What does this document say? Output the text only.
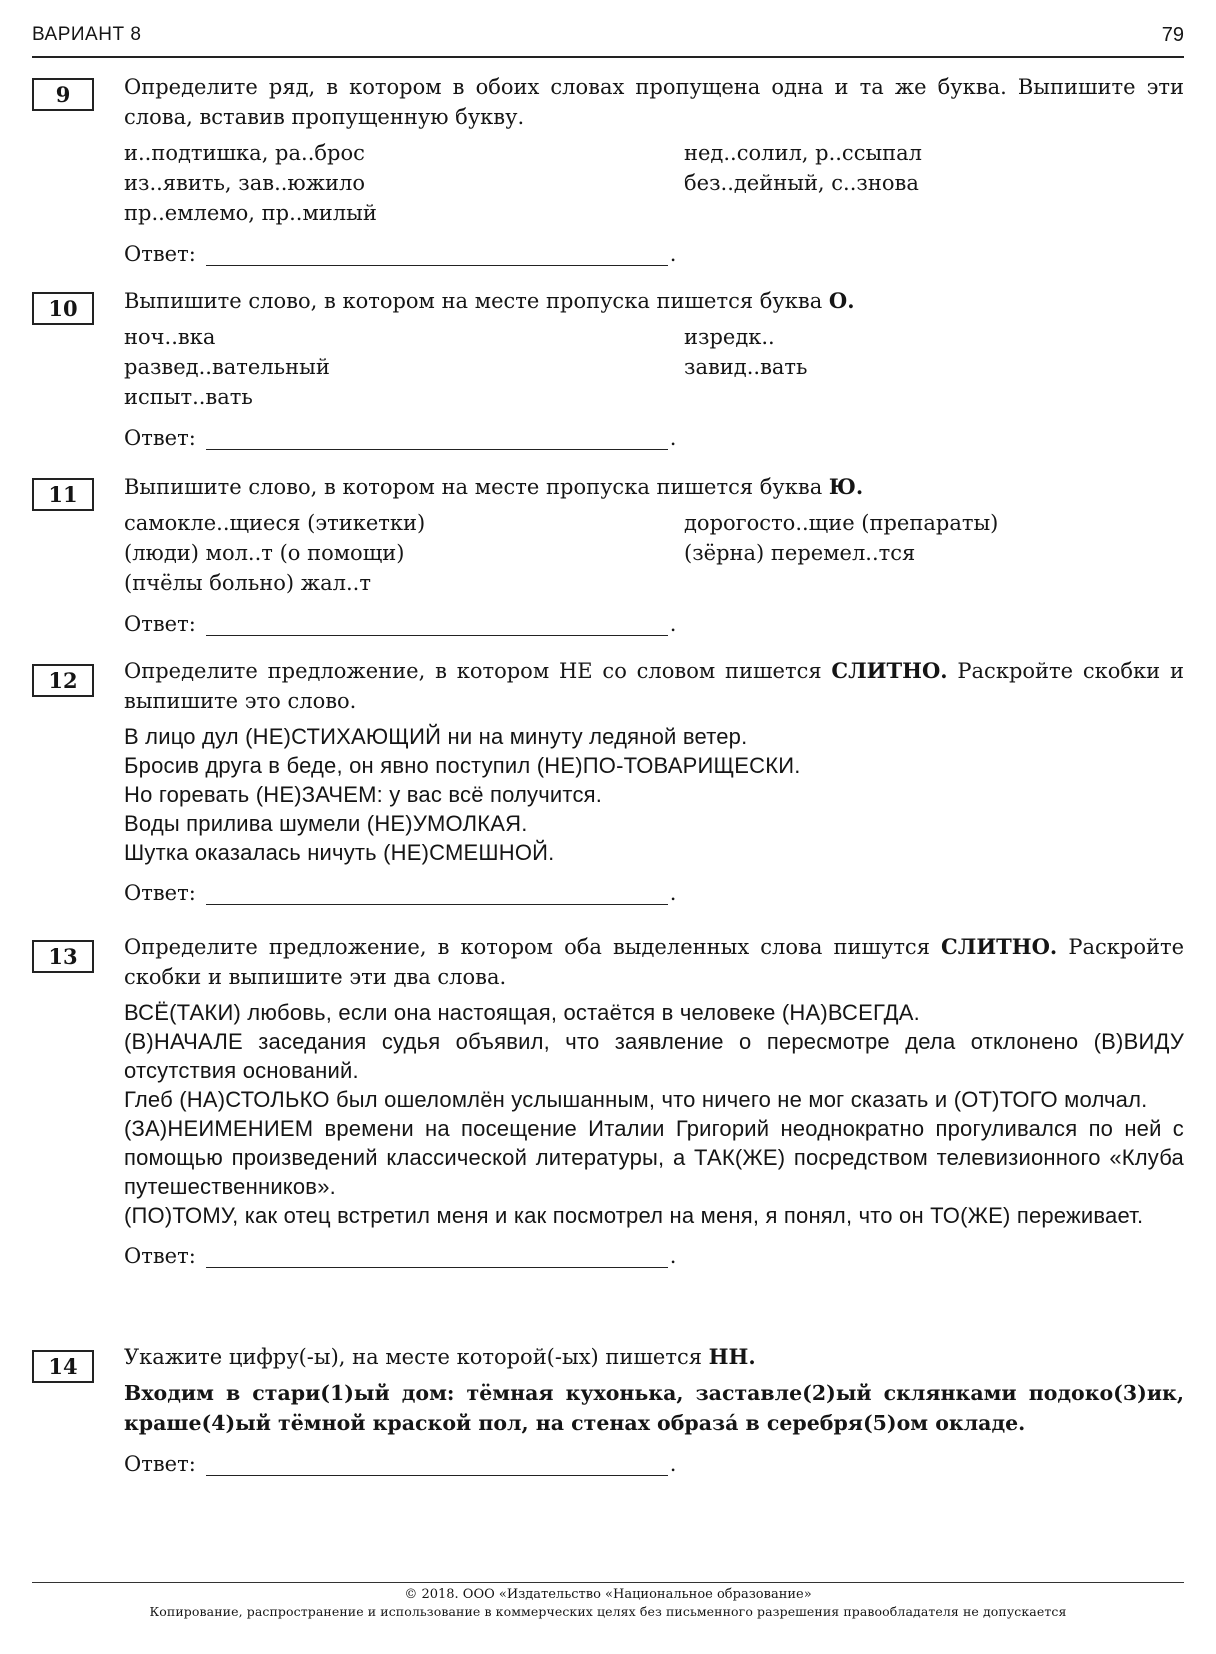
ВАРИАНТ 8	79
9	Определите ряд, в котором в обоих словах пропущена одна и та же буква. Выпишите эти слова, вставив пропущенную букву.

и..подтишка, ра..брос
из..явить, зав..южило
пр..емлемо, пр..милый
нед..солил, р..ссыпал
без..дейный, с..знова
Ответ:	.
10	Выпишите слово, в котором на месте пропуска пишется буква О.

ноч..вка
развед..вательный
испыт..вать
изредк..
завид..вать
Ответ:	.
11	Выпишите слово, в котором на месте пропуска пишется буква Ю.

самокле..щиеся (этикетки)
(люди) мол..т (о помощи)
(пчёлы больно) жал..т
дорогосто..щие (препараты)
(зёрна) перемел..тся
Ответ:	.
12	Определите предложение, в котором НЕ со словом пишется СЛИТНО. Раскройте скобки и выпишите это слово.

В лицо дул (НЕ)СТИХАЮЩИЙ ни на минуту ледяной ветер.
Бросив друга в беде, он явно поступил (НЕ)ПО-ТОВАРИЩЕСКИ.
Но горевать (НЕ)ЗАЧЕМ: у вас всё получится.
Воды прилива шумели (НЕ)УМОЛКАЯ.
Шутка оказалась ничуть (НЕ)СМЕШНОЙ.
Ответ:	.
13	Определите предложение, в котором оба выделенных слова пишутся СЛИТНО. Раскройте скобки и выпишите эти два слова.

ВСЁ(ТАКИ) любовь, если она настоящая, остаётся в человеке (НА)ВСЕГДА.
(В)НАЧАЛЕ заседания судья объявил, что заявление о пересмотре дела отклонено (В)ВИДУ отсутствия оснований.
Глеб (НА)СТОЛЬКО был ошеломлён услышанным, что ничего не мог сказать и (ОТ)ТОГО молчал.
(ЗА)НЕИМЕНИЕМ времени на посещение Италии Григорий неоднократно прогуливался по ней с помощью произведений классической литературы, а ТАК(ЖЕ) посредством телевизионного «Клуба путешественников».
(ПО)ТОМУ, как отец встретил меня и как посмотрел на меня, я понял, что он ТО(ЖЕ) переживает.
Ответ:	.
14	Укажите цифру(-ы), на месте которой(-ых) пишется НН.

Входим в стари(1)ый дом: тёмная кухонька, заставле(2)ый склянками подоко(3)ик, краше(4)ый тёмной краской пол, на стенах образа́ в серебря(5)ом окладе.
Ответ:	.
© 2018. ООО «Издательство «Национальное образование»
Копирование, распространение и использование в коммерческих целях без письменного разрешения правообладателя не допускается
